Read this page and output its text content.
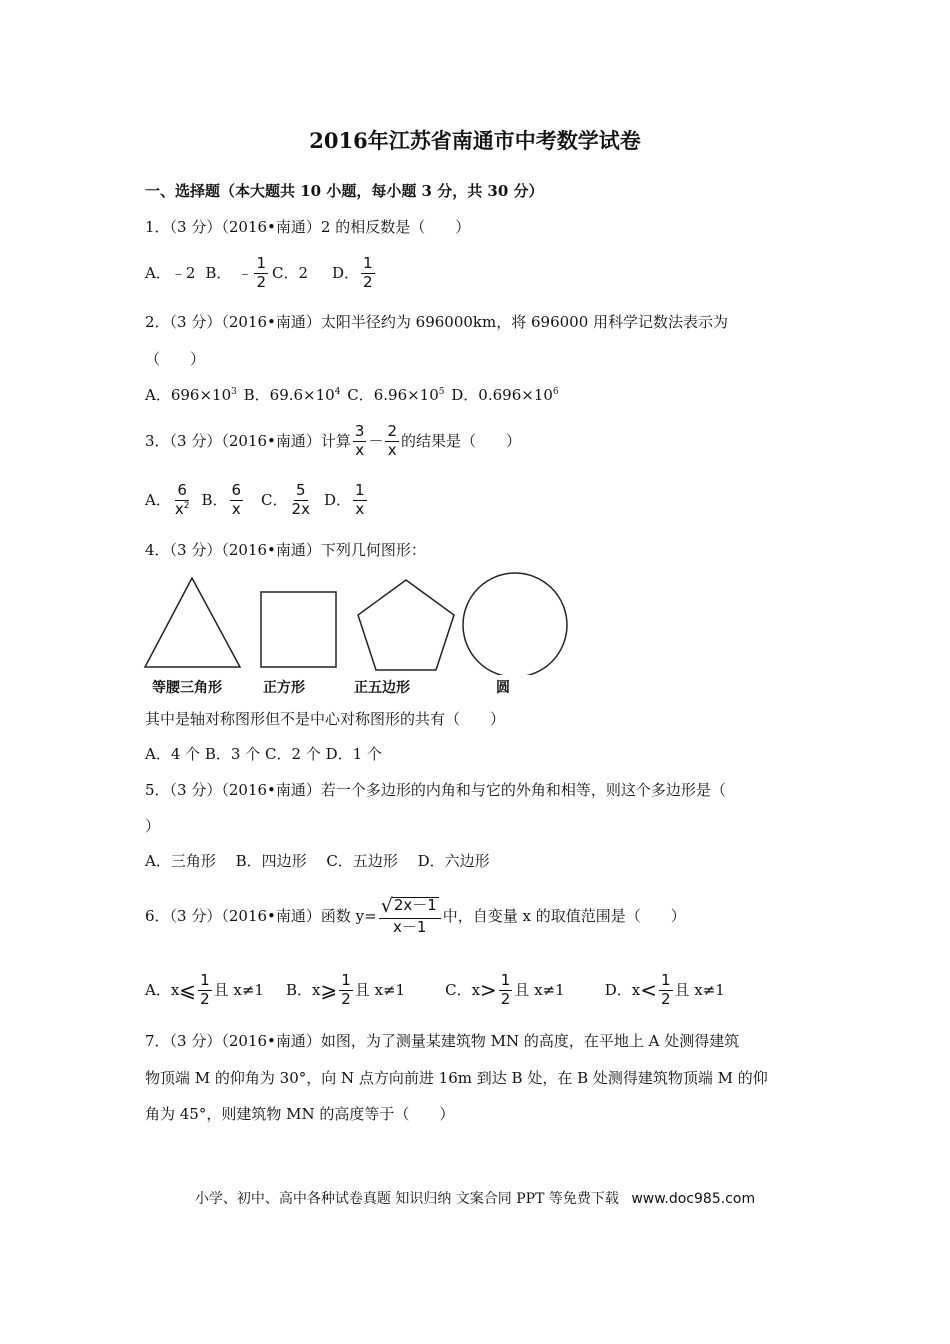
2016年江苏省南通市中考数学试卷
一、选择题（本大题共 10 小题，每小题 3 分，共 30 分）
1．（3 分）（2016•南通）2 的相反数是（　　）
A．﹣2 B． ﹣ $\frac{1}{2}$ C．2 D． $\frac{1}{2}$
2．（3 分）（2016•南通）太阳半径约为 696000km，将 696000 用科学记数法表示为
（　　）
A．$696\times 10^3$ B．$69.6\times 10^4$ C．$6.96\times 10^5$ D．$0.696\times 10^6$
3．（3 分）（2016•南通）计算 $\frac{3}{x} - \frac{2}{x}$ 的结果是（　　）
A． $\frac{6}{x^2}$ B． $\frac{6}{x}$ C． $\frac{5}{2x}$ D． $\frac{1}{x}$
4．（3 分）（2016•南通）下列几何图形：
等腰三角形	正方形	正五边形	圆
其中是轴对称图形但不是中心对称图形的共有（　　）
A．4 个 B．3 个 C．2 个 D．1 个
5．（3 分）（2016•南通）若一个多边形的内角和与它的外角和相等，则这个多边形是（
）
A．三角形　 B．四边形　 C．五边形　 D．六边形
6．（3 分）（2016•南通）函数 $y= \frac{√ 2x-1}{x-1}$ 中，自变量 x 的取值范围是（　　）
A．x ⩽ $\frac{1}{2}$ 且 x≠1 B．x ⩾ $\frac{1}{2}$ 且 x≠1	C．$x > \frac{1}{2}$ 且 x≠1	D．$x < \frac{1}{2}$ 且 x≠1
7．（3 分）（2016•南通）如图，为了测量某建筑物 MN 的高度，在平地上 A 处测得建筑
物顶端 M 的仰角为 30°，向 N 点方向前进 16m 到达 B 处，在 B 处测得建筑物顶端 M 的仰
角为 45°，则建筑物 MN 的高度等于（　　）
小学、初中、高中各种试卷真题 知识归纳 文案合同 PPT 等免费下载 www.doc985.com
